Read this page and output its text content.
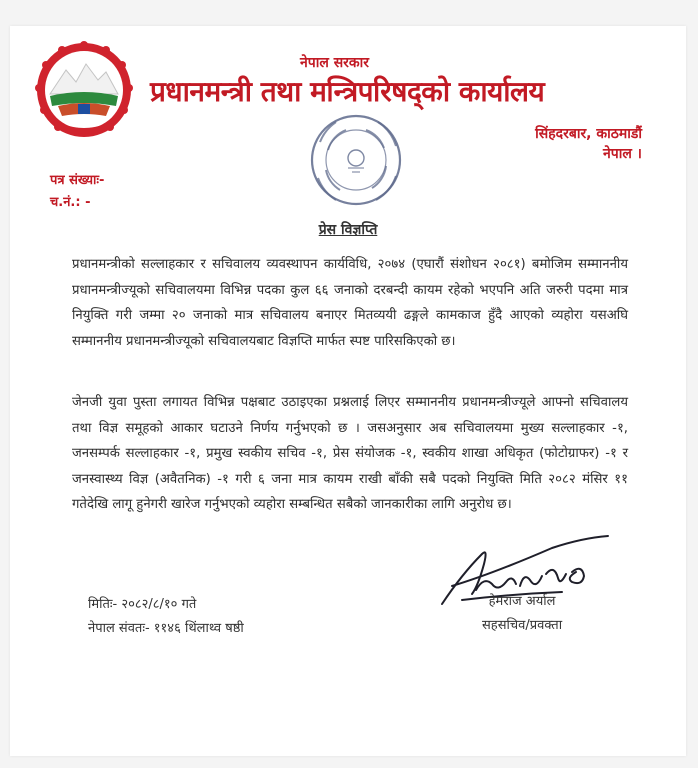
नेपाल सरकार
प्रधानमन्त्री तथा मन्त्रिपरिषद्को कार्यालय
सिंहदरबार, काठमाडौं
नेपाल ।
पत्र संख्याः-
च.नं.: -
प्रेस विज्ञप्ति
प्रधानमन्त्रीको सल्लाहकार र सचिवालय व्यवस्थापन कार्यविधि, २०७४ (एघारौं संशोधन २०८१) बमोजिम सम्माननीय प्रधानमन्त्रीज्यूको सचिवालयमा विभिन्न पदका कुल ६६ जनाको दरबन्दी कायम रहेको भएपनि अति जरुरी पदमा मात्र नियुक्ति गरी जम्मा २० जनाको मात्र सचिवालय बनाएर मितव्ययी ढङ्गले कामकाज हुँदै आएको व्यहोरा यसअघि सम्माननीय प्रधानमन्त्रीज्यूको सचिवालयबाट विज्ञप्ति मार्फत स्पष्ट पारिसकिएको छ।
जेनजी युवा पुस्ता लगायत विभिन्न पक्षबाट उठाइएका प्रश्नलाई लिएर सम्माननीय प्रधानमन्त्रीज्यूले आफ्नो सचिवालय तथा विज्ञ समूहको आकार घटाउने निर्णय गर्नुभएको छ । जसअनुसार अब सचिवालयमा मुख्य सल्लाहकार -१, जनसम्पर्क सल्लाहकार -१, प्रमुख स्वकीय सचिव -१, प्रेस संयोजक -१, स्वकीय शाखा अधिकृत (फोटोग्राफर) -१ र जनस्वास्थ्य विज्ञ (अवैतनिक) -१ गरी ६ जना मात्र कायम राखी बाँकी सबै पदको नियुक्ति मिति २०८२ मंसिर ११ गतेदेखि लागू हुनेगरी खारेज गर्नुभएको व्यहोरा सम्बन्धित सबैको जानकारीका लागि अनुरोध छ।
मितिः- २०८२/८/१० गते
नेपाल संवतः- ११४६ थिंलाथ्व षष्ठी
हेमराज अर्याल
सहसचिव/प्रवक्ता
